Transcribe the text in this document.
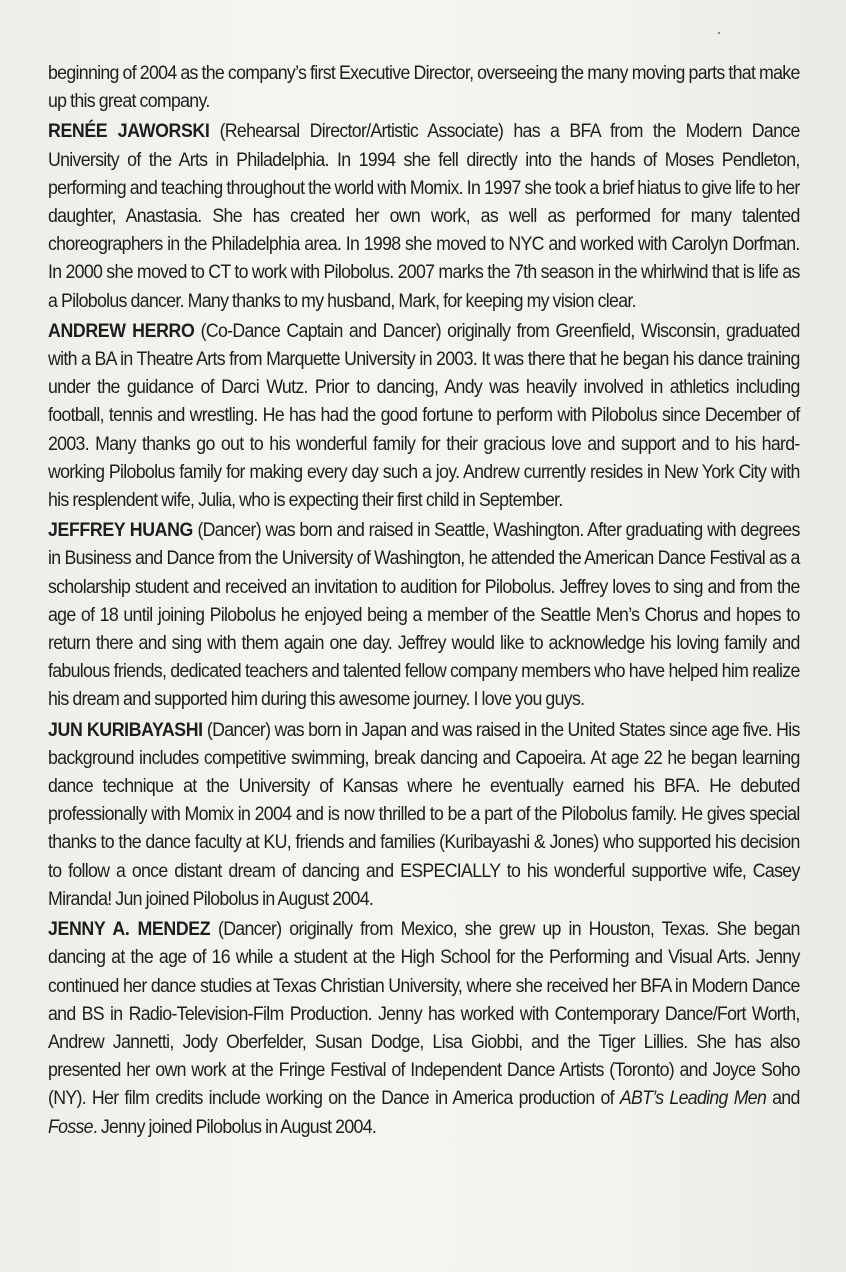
beginning of 2004 as the company’s first Executive Director, overseeing the many moving parts that make up this great company.

RENÉE JAWORSKI (Rehearsal Director/Artistic Associate) has a BFA from the Modern Dance University of the Arts in Philadelphia. In 1994 she fell directly into the hands of Moses Pendleton, performing and teaching throughout the world with Momix. In 1997 she took a brief hiatus to give life to her daughter, Anastasia. She has created her own work, as well as performed for many talented choreographers in the Philadelphia area. In 1998 she moved to NYC and worked with Carolyn Dorfman. In 2000 she moved to CT to work with Pilobolus. 2007 marks the 7th season in the whirlwind that is life as a Pilobolus dancer. Many thanks to my husband, Mark, for keeping my vision clear.

ANDREW HERRO (Co-Dance Captain and Dancer) originally from Greenfield, Wisconsin, graduated with a BA in Theatre Arts from Marquette University in 2003. It was there that he began his dance training under the guidance of Darci Wutz. Prior to dancing, Andy was heavily involved in athletics including football, tennis and wrestling. He has had the good fortune to perform with Pilobolus since December of 2003. Many thanks go out to his wonderful family for their gracious love and support and to his hard-working Pilobolus family for making every day such a joy. Andrew currently resides in New York City with his resplendent wife, Julia, who is expecting their first child in September.

JEFFREY HUANG (Dancer) was born and raised in Seattle, Washington. After graduating with degrees in Business and Dance from the University of Washington, he attended the American Dance Festival as a scholarship student and received an invitation to audition for Pilobolus. Jeffrey loves to sing and from the age of 18 until joining Pilobolus he enjoyed being a member of the Seattle Men’s Chorus and hopes to return there and sing with them again one day. Jeffrey would like to acknowledge his loving family and fabulous friends, dedicated teachers and talented fellow company members who have helped him realize his dream and supported him during this awesome journey. I love you guys.

JUN KURIBAYASHI (Dancer) was born in Japan and was raised in the United States since age five. His background includes competitive swimming, break dancing and Capoeira. At age 22 he began learning dance technique at the University of Kansas where he eventually earned his BFA. He debuted professionally with Momix in 2004 and is now thrilled to be a part of the Pilobolus family. He gives special thanks to the dance faculty at KU, friends and families (Kuribayashi & Jones) who supported his decision to follow a once distant dream of dancing and ESPECIALLY to his wonderful supportive wife, Casey Miranda! Jun joined Pilobolus in August 2004.

JENNY A. MENDEZ (Dancer) originally from Mexico, she grew up in Houston, Texas. She began dancing at the age of 16 while a student at the High School for the Performing and Visual Arts. Jenny continued her dance studies at Texas Christian University, where she received her BFA in Modern Dance and BS in Radio-Television-Film Production. Jenny has worked with Contemporary Dance/Fort Worth, Andrew Jannetti, Jody Oberfelder, Susan Dodge, Lisa Giobbi, and the Tiger Lillies. She has also presented her own work at the Fringe Festival of Independent Dance Artists (Toronto) and Joyce Soho (NY). Her film credits include working on the Dance in America production of ABT’s Leading Men and Fosse. Jenny joined Pilobolus in August 2004.
